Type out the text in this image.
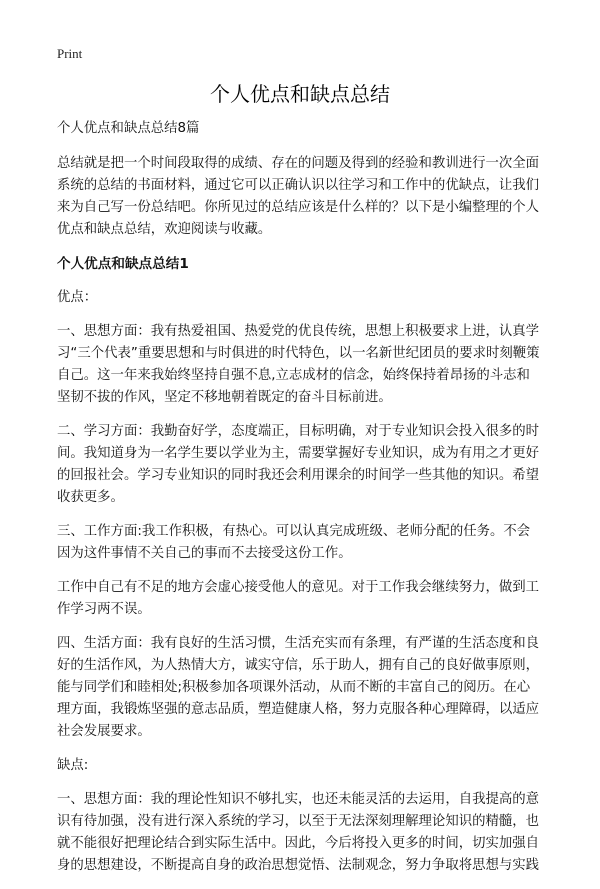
Print
个人优点和缺点总结

个人优点和缺点总结8篇

总结就是把一个时间段取得的成绩、存在的问题及得到的经验和教训进行一次全面系统的总结的书面材料，通过它可以正确认识以往学习和工作中的优缺点，让我们来为自己写一份总结吧。你所见过的总结应该是什么样的？以下是小编整理的个人优点和缺点总结，欢迎阅读与收藏。

个人优点和缺点总结1

优点：

一、思想方面：我有热爱祖国、热爱党的优良传统，思想上积极要求上进，认真学习“三个代表”重要思想和与时俱进的时代特色，以一名新世纪团员的要求时刻鞭策自己。这一年来我始终坚持自强不息,立志成材的信念，始终保持着昂扬的斗志和坚韧不拔的作风，坚定不移地朝着既定的奋斗目标前进。

二、学习方面：我勤奋好学，态度端正，目标明确，对于专业知识会投入很多的时间。我知道身为一名学生要以学业为主，需要掌握好专业知识，成为有用之才更好的回报社会。学习专业知识的同时我还会利用课余的时间学一些其他的知识。希望收获更多。

三、工作方面:我工作积极，有热心。可以认真完成班级、老师分配的任务。不会因为这件事情不关自己的事而不去接受这份工作。

工作中自己有不足的地方会虚心接受他人的意见。对于工作我会继续努力，做到工作学习两不误。

四、生活方面：我有良好的生活习惯，生活充实而有条理，有严谨的生活态度和良好的生活作风，为人热情大方，诚实守信，乐于助人，拥有自己的良好做事原则，能与同学们和睦相处;积极参加各项课外活动，从而不断的丰富自己的阅历。在心理方面，我锻炼坚强的意志品质，塑造健康人格，努力克服各种心理障碍，以适应社会发展要求。

缺点:

一、思想方面：我的理论性知识不够扎实，也还未能灵活的去运用，自我提高的意识有待加强，没有进行深入系统的学习，以至于无法深刻理解理论知识的精髓，也就不能很好把理论结合到实际生活中。因此，今后将投入更多的时间，切实加强自身的思想建设，不断提高自身的政治思想觉悟、法制观念，努力争取将思想与实践
